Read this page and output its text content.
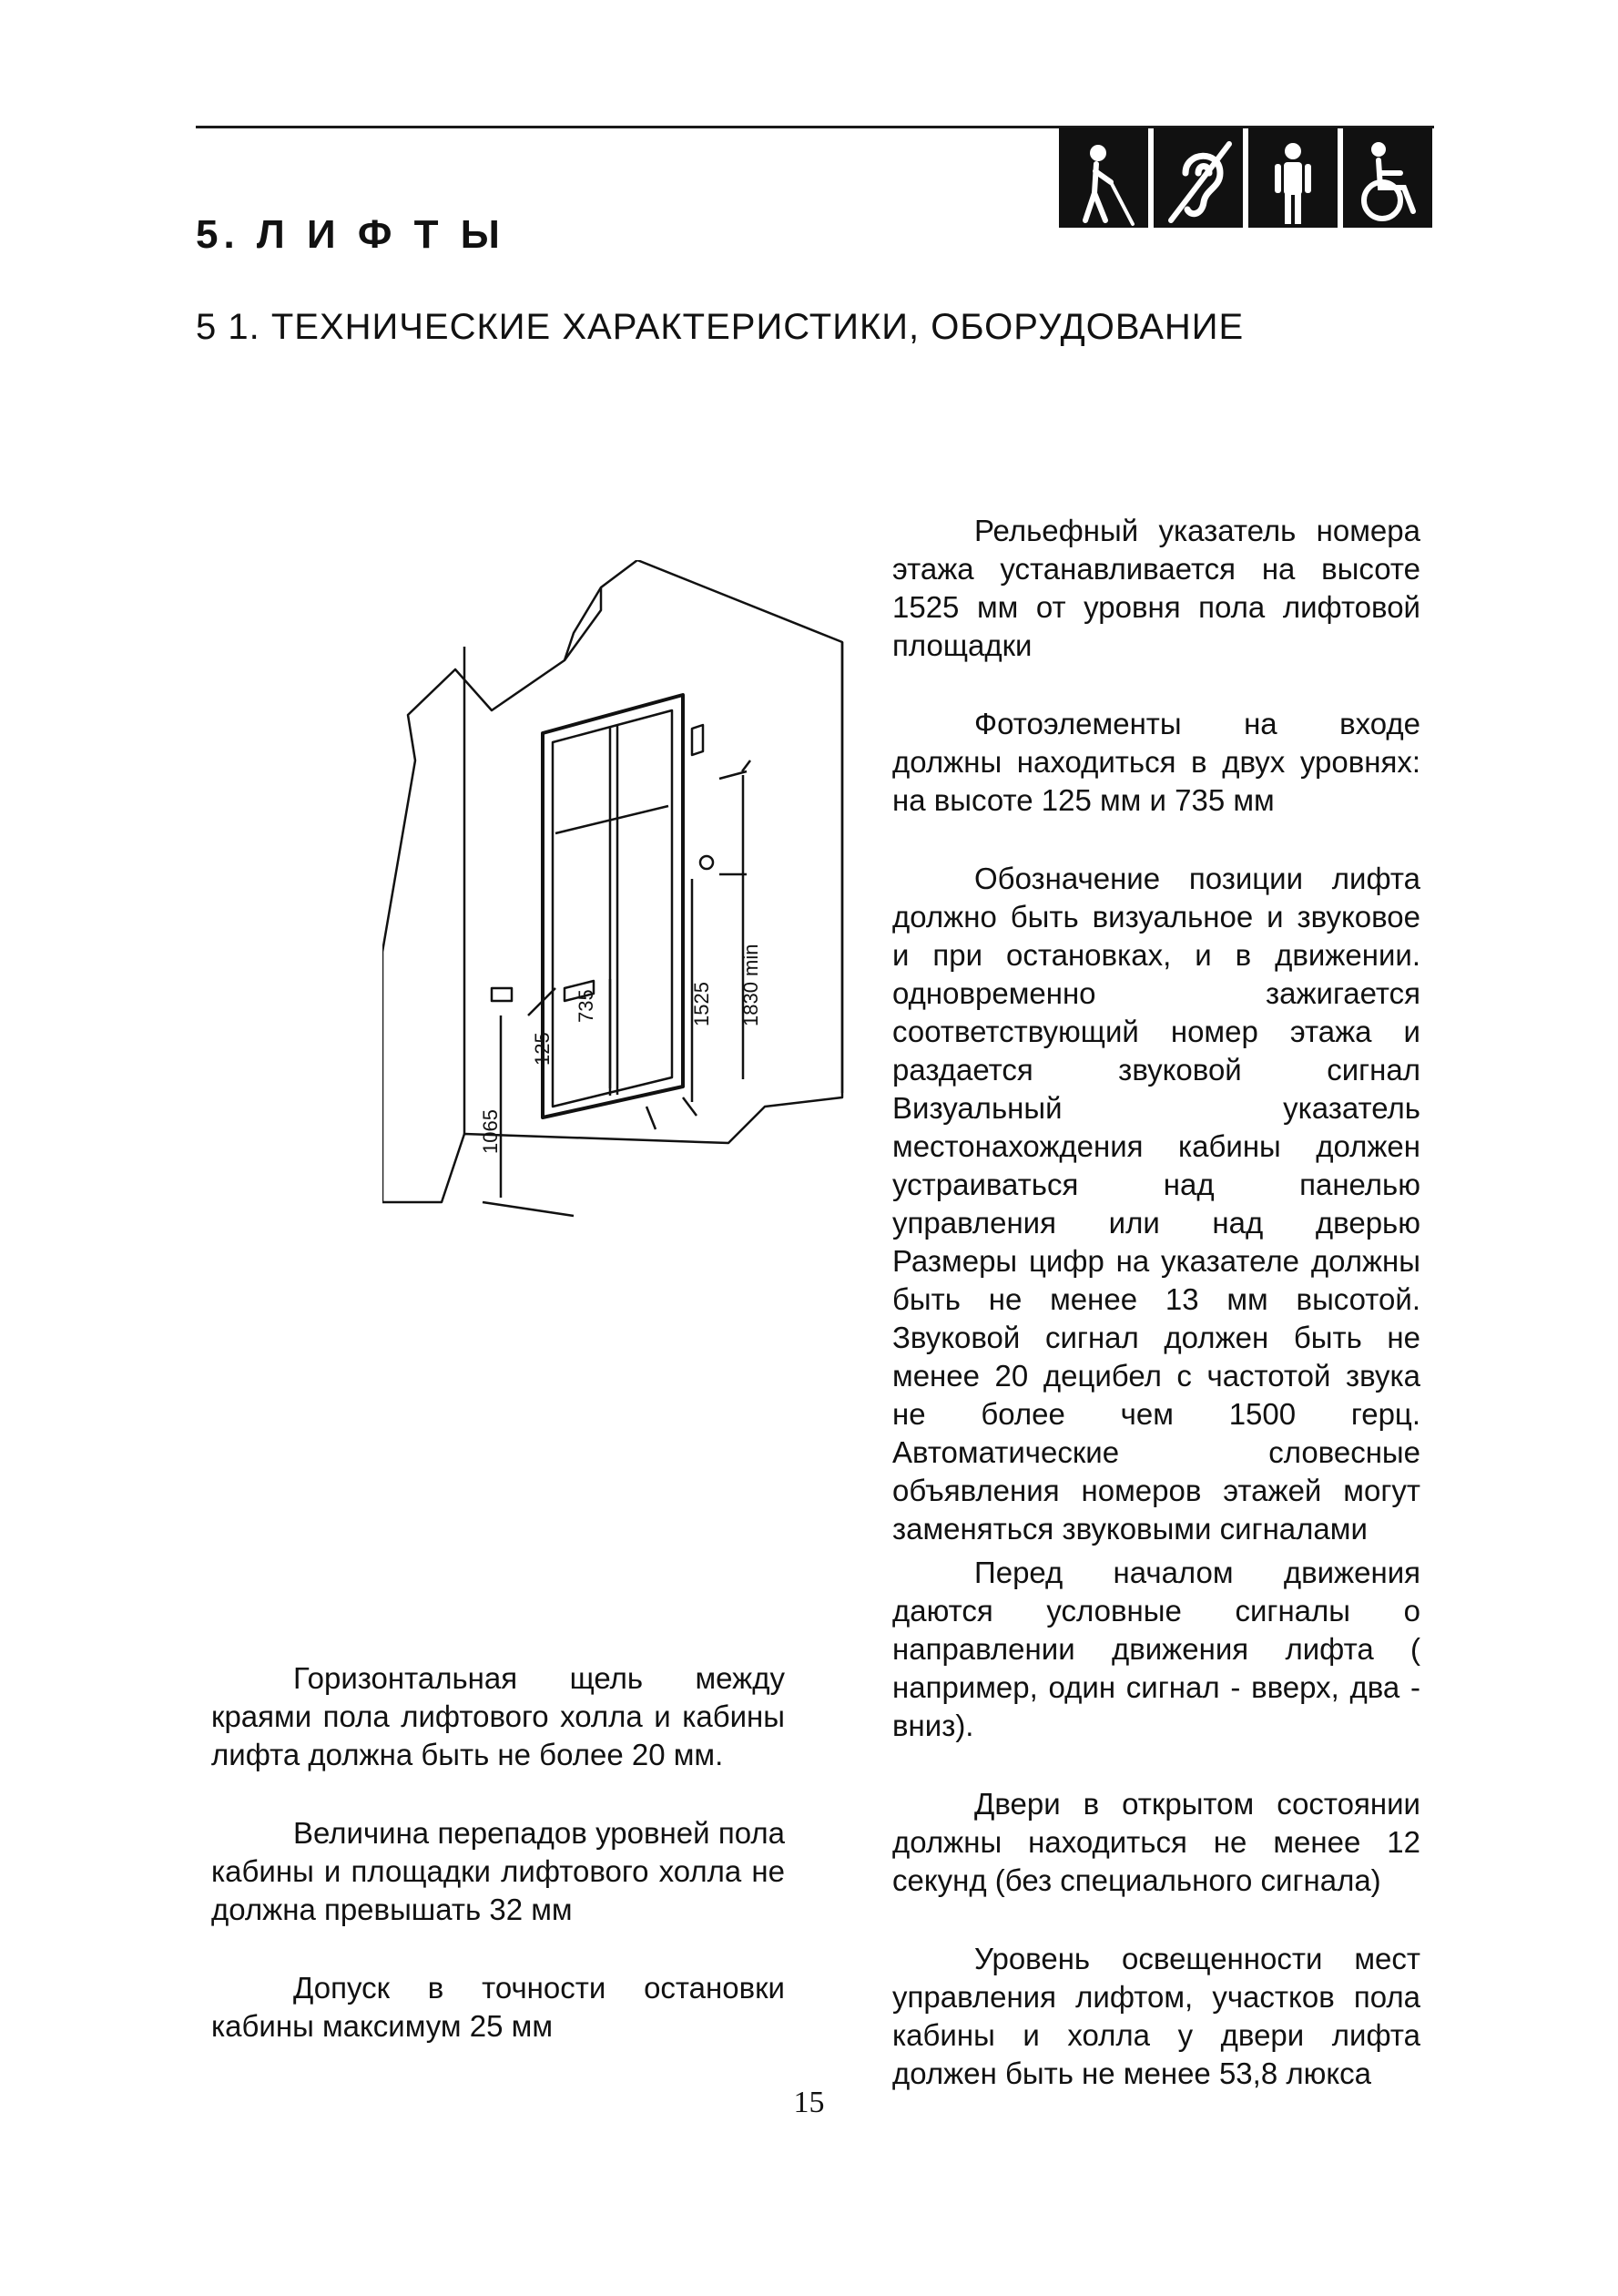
5. Л И Ф Т Ы
5 1. ТЕХНИЧЕСКИЕ ХАРАКТЕРИСТИКИ, ОБОРУДОВАНИЕ
1065
125
735	1525 1830 min

Рельефный указатель номера этажа устанавливается на высоте 1525 мм от уровня пола лифтовой площадки

Фотоэлементы на входе должны находиться в двух уровнях: на высоте 125 мм и 735 мм

Обозначение позиции лифта должно быть визуальное и звуковое и при остановках, и в движении. одновременно зажигается соответствующий номер этажа и раздается звуковой сигнал Визуальный указатель местонахождения кабины должен устраиваться над панелью управления или над дверью Размеры цифр на указателе должны быть не менее 13 мм высотой. Звуковой сигнал должен быть не менее 20 децибел с частотой звука не более чем 1500 герц. Автоматические словесные объявления номеров этажей могут заменяться звуковыми сигналами

Перед началом движения даются условные сигналы о направлении движения лифта ( например, один сигнал - вверх, два - вниз).

Двери в открытом состоянии должны находиться не менее 12 секунд (без специального сигнала)

Уровень освещенности мест управления лифтом, участков пола кабины и холла у двери лифта должен быть не менее 53,8 люкса

Горизонтальная щель между краями пола лифтового холла и кабины лифта должна быть не более 20 мм.

Величина перепадов уровней пола кабины и площадки лифтового холла не должна превышать 32 мм

Допуск в точности остановки кабины максимум 25 мм

15
